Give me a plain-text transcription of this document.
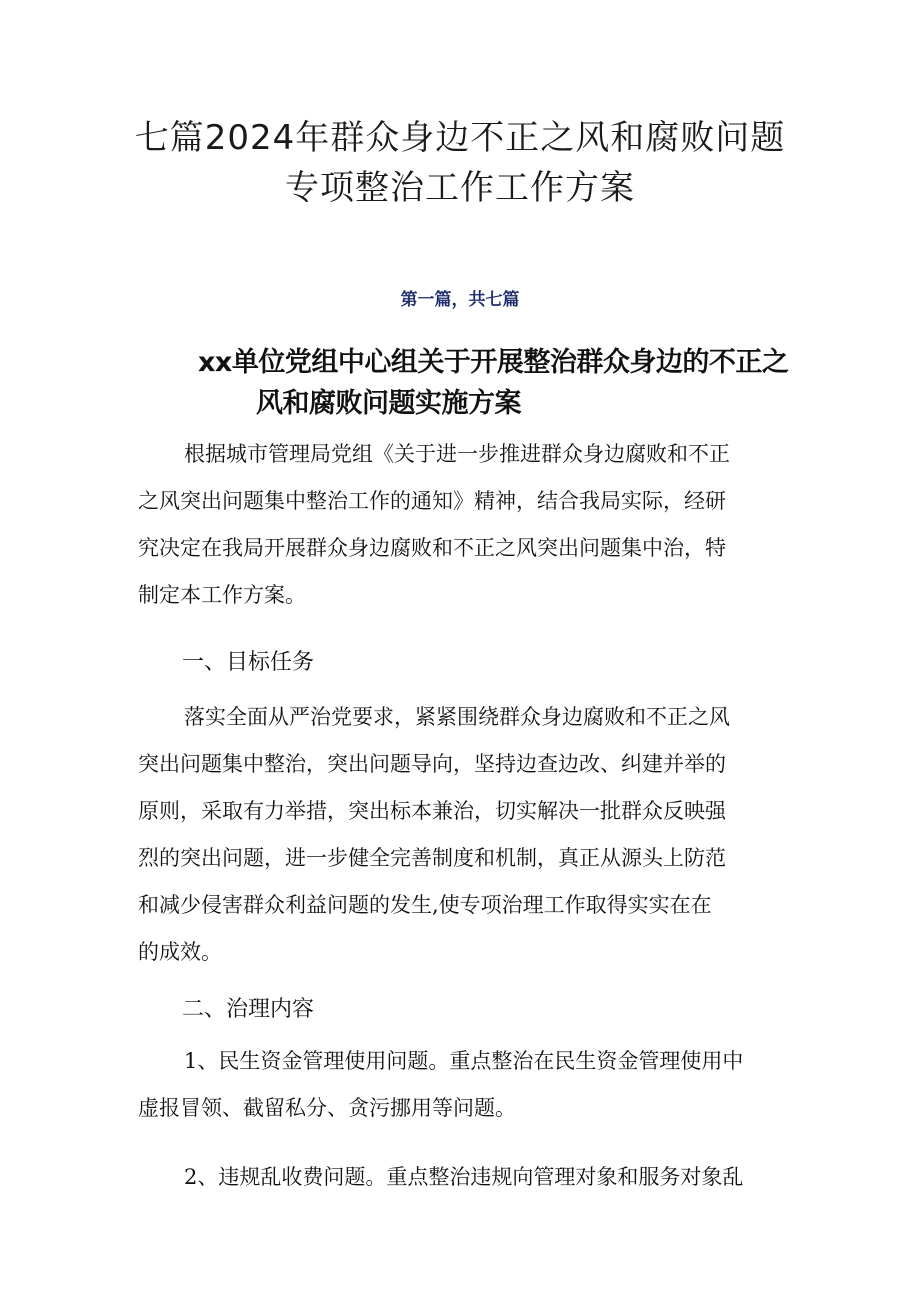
七篇2024年群众身边不正之风和腐败问题
专项整治工作工作方案
第一篇，共七篇
xx单位党组中心组关于开展整治群众身边的不正之
风和腐败问题实施方案
根据城市管理局党组《关于进一步推进群众身边腐败和不正
之风突出问题集中整治工作的通知》精神，结合我局实际，经研
究决定在我局开展群众身边腐败和不正之风突出问题集中治，特
制定本工作方案。
一、目标任务
落实全面从严治党要求，紧紧围绕群众身边腐败和不正之风
突出问题集中整治，突出问题导向，坚持边查边改、纠建并举的
原则，采取有力举措，突出标本兼治，切实解决一批群众反映强
烈的突出问题，进一步健全完善制度和机制，真正从源头上防范
和减少侵害群众利益问题的发生,使专项治理工作取得实实在在
的成效。
二、治理内容
1、民生资金管理使用问题。重点整治在民生资金管理使用中
虚报冒领、截留私分、贪污挪用等问题。
2、违规乱收费问题。重点整治违规向管理对象和服务对象乱
